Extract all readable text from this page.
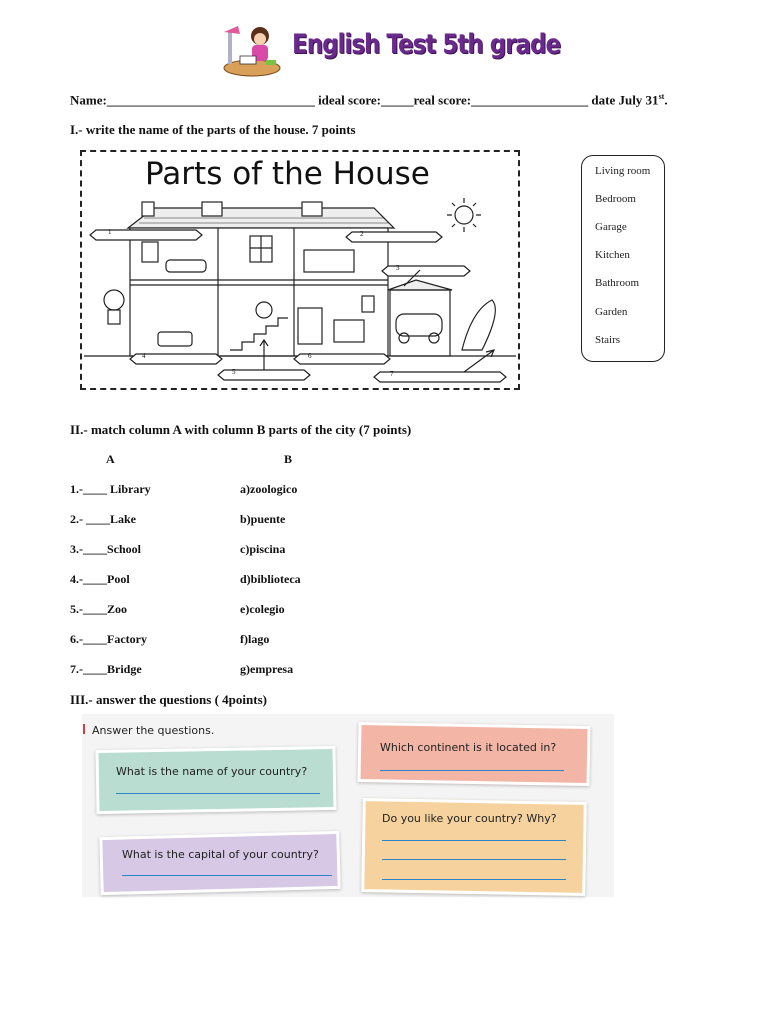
English Test 5th grade
Name:________________________________ ideal score:_____real score:__________________ date July 31st.
I.- write the name of the parts of the house. 7 points
Parts of the House
1	2
3
4	6
5	7
Living room
Bedroom
Garage
Kitchen
Bathroom
Garden
Stairs
II.- match column A with column B parts of the city (7 points)
A	B
1.-____ Library	a)zoologico
2.- ____Lake	b)puente
3.-____School	c)piscina
4.-____Pool	d)biblioteca
5.-____Zoo	e)colegio
6.-____Factory	f)lago
7.-____Bridge	g)empresa
III.- answer the questions ( 4points)
Answer the questions.
What is the name of your country?
Which continent is it located in?
What is the capital of your country?
Do you like your country? Why?
